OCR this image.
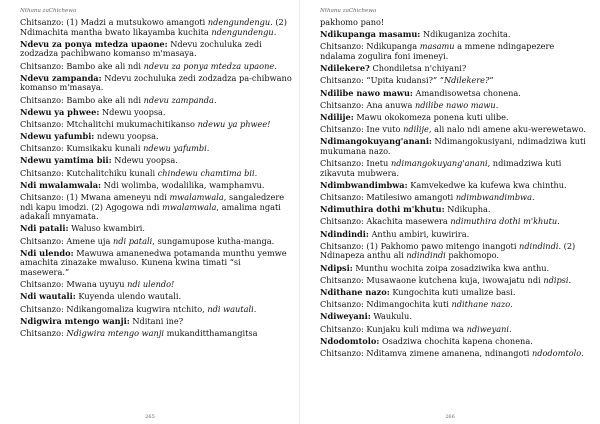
Nthanu zaChichewa
Chitsanzo: (1) Madzi a mutsukowo amangoti ndengundengu. (2) Ndimachita mantha bwato likayamba kuchita ndengundengu.
Ndevu za ponya mtedza upaone: Ndevu zochuluka zedi zodzadza pachibwano komanso m'masaya.
Chitsanzo: Bambo ake ali ndi ndevu za ponya mtedza upaone.
Ndevu zampanda: Ndevu zochuluka zedi zodzadza pa-chibwano komanso m'masaya.
Chitsanzo: Bambo ake ali ndi ndevu zampanda.
Ndewu ya phwee: Ndewu yoopsa.
Chitsanzo: Mtchalitchi mukumachitikanso ndewu ya phwee!
Ndewu yafumbi: ndewu yoopsa.
Chitsanzo: Kumsikaku kunali ndewu yafumbi.
Ndewu yamtima bii: Ndewu yoopsa.
Chitsanzo: Kutchalitchiku kunali chindewu chamtima bii.
Ndi mwalamwala: Ndi wolimba, wodalilika, wamphamvu.
Chitsanzo: (1) Mwana ameneyu ndi mwalamwala, sangaledzere ndi kapu imodzi. (2) Agogowa ndi mwalamwala, amalima ngati adakali mnyamata.
Ndi patali: Waluso kwambiri.
Chitsanzo: Amene uja ndi patali, sungamupose kutha-manga.
Ndi ulendo: Mawuwa amanenedwa potamanda munthu yemwe amachita zinazake mwaluso. Kunena kwina timati “si masewera.”
Chitsanzo: Mwana uyuyu ndi ulendo!
Ndi wautali: Kuyenda ulendo wautali.
Chitsanzo: Ndikangomaliza kugwira ntchito, ndi wautali.
Ndigwira mtengo wanji: Nditani ine?
Chitsanzo: Ndigwira mtengo wanji mukanditthamangitsa
265
Nthanu zaChichewa
pakhomo pano!
Ndikupanga masamu: Ndikuganiza zochita.
Chitsanzo: Ndikupanga masamu a mmene ndingapezere ndalama zogulira foni imeneyi.
Ndilekere? Chondiletsa n'chiyani?
Chitsanzo: “Upita kudansi?” “Ndilekere?”
Ndilibe nawo mawu: Amandisowetsa chonena.
Chitsanzo: Ana anuwa ndilibe nawo mawu.
Ndilije: Mawu okokomeza ponena kuti ulibe.
Chitsanzo: Ine vuto ndilije, ali nalo ndi amene aku-werewetawo.
Ndimangokuyang'anani: Ndimangokusiyani, ndimadziwa kuti mukumana nazo.
Chitsanzo: Inetu ndimangokuyang'anani, ndimadziwa kuti zikavuta mubwera.
Ndimbwandimbwa: Kamvekedwe ka kufewa kwa chinthu.
Chitsanzo: Matilesiwo amangoti ndimbwandimbwa.
Ndimuthira dothi m'khutu: Ndikupha.
Chitsanzo: Akachita masewera ndimuthira dothi m'khutu.
Ndindindi: Anthu ambiri, kuwirira.
Chitsanzo: (1) Pakhomo pawo mitengo inangoti ndindindi. (2) Ndinapeza anthu ali ndindindi pakhomopo.
Ndipsi: Munthu wochita zoipa zosadziwika kwa anthu.
Chitsanzo: Musawaone kutchena kuja, iwowajatu ndi ndipsi.
Ndithane nazo: Kungochita kuti umalize basi.
Chitsanzo: Ndimangochita kuti ndithane nazo.
Ndiweyani: Waukulu.
Chitsanzo: Kunjaku kuli mdima wa ndiweyani.
Ndodomtolo: Osadziwa chochita kapena chonena.
Chitsanzo: Nditamva zimene amanena, ndinangoti ndodomtolo.
266
